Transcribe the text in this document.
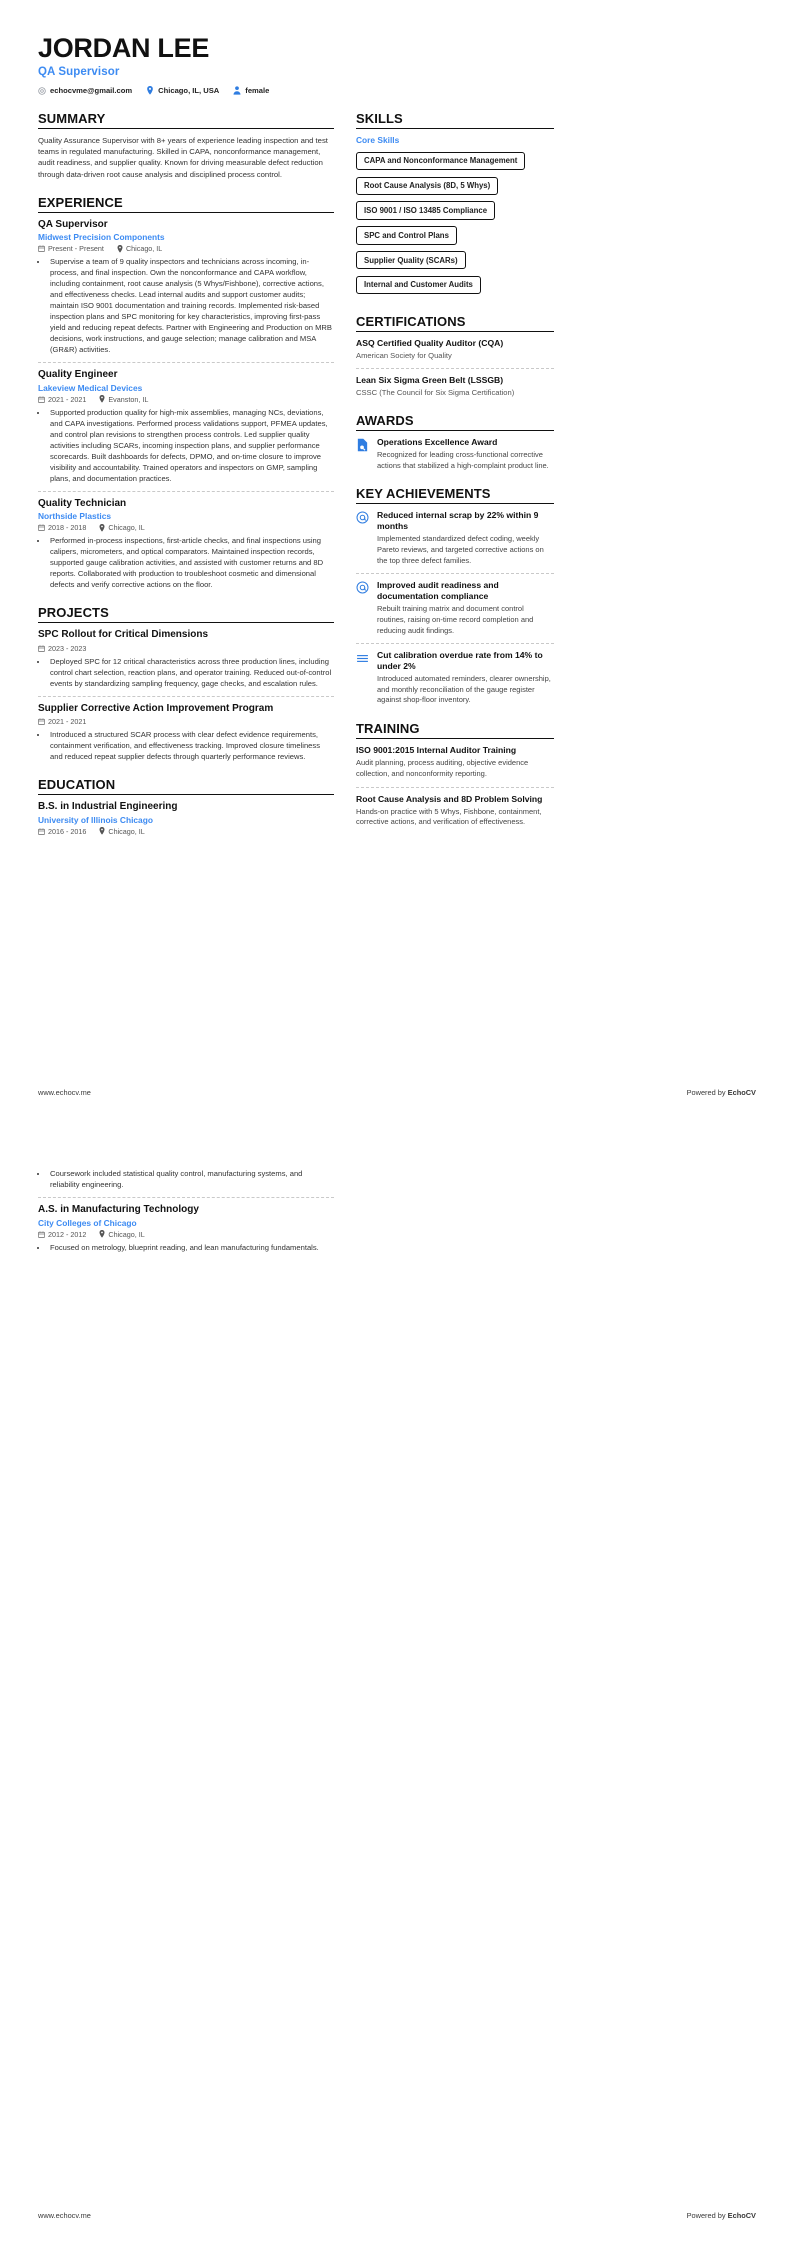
JORDAN LEE
QA Supervisor
echocvme@gmail.com	Chicago, IL, USA	female
SUMMARY
Quality Assurance Supervisor with 8+ years of experience leading inspection and test teams in regulated manufacturing. Skilled in CAPA, nonconformance management, audit readiness, and supplier quality. Known for driving measurable defect reduction through data-driven root cause analysis and disciplined process control.
EXPERIENCE
QA Supervisor
Midwest Precision Components
Present - Present	Chicago, IL
• Supervise a team of 9 quality inspectors and technicians across incoming, in-process, and final inspection. Own the nonconformance and CAPA workflow, including containment, root cause analysis (5 Whys/Fishbone), corrective actions, and effectiveness checks. Lead internal audits and support customer audits; maintain ISO 9001 documentation and training records. Implemented risk-based inspection plans and SPC monitoring for key characteristics, improving first-pass yield and reducing repeat defects. Partner with Engineering and Production on MRB decisions, work instructions, and gauge selection; manage calibration and MSA (GR&R) activities.
Quality Engineer
Lakeview Medical Devices
2021 - 2021	Evanston, IL
• Supported production quality for high-mix assemblies, managing NCs, deviations, and CAPA investigations. Performed process validations support, PFMEA updates, and control plan revisions to strengthen process controls. Led supplier quality activities including SCARs, incoming inspection plans, and supplier performance scorecards. Built dashboards for defects, DPMO, and on-time closure to improve visibility and accountability. Trained operators and inspectors on GMP, sampling plans, and documentation practices.
Quality Technician
Northside Plastics
2018 - 2018	Chicago, IL
• Performed in-process inspections, first-article checks, and final inspections using calipers, micrometers, and optical comparators. Maintained inspection records, supported gauge calibration activities, and assisted with customer returns and 8D reports. Collaborated with production to troubleshoot cosmetic and dimensional defects and verify corrective actions on the floor.
PROJECTS
SPC Rollout for Critical Dimensions
2023 - 2023
• Deployed SPC for 12 critical characteristics across three production lines, including control chart selection, reaction plans, and operator training. Reduced out-of-control events by standardizing sampling frequency, gage checks, and escalation rules.
Supplier Corrective Action Improvement Program
2021 - 2021
• Introduced a structured SCAR process with clear defect evidence requirements, containment verification, and effectiveness tracking. Improved closure timeliness and reduced repeat supplier defects through quarterly performance reviews.
EDUCATION
B.S. in Industrial Engineering
University of Illinois Chicago
2016 - 2016	Chicago, IL
SKILLS
Core Skills
CAPA and Nonconformance Management Root Cause Analysis (8D, 5 Whys) ISO 9001 / ISO 13485 Compliance SPC and Control Plans Supplier Quality (SCARs) Internal and Customer Audits
CERTIFICATIONS
ASQ Certified Quality Auditor (CQA)
American Society for Quality
Lean Six Sigma Green Belt (LSSGB)
CSSC (The Council for Six Sigma Certification)
AWARDS
Operations Excellence Award
Recognized for leading cross-functional corrective actions that stabilized a high-complaint product line.
KEY ACHIEVEMENTS
Reduced internal scrap by 22% within 9 months
Implemented standardized defect coding, weekly Pareto reviews, and targeted corrective actions on the top three defect families.
Improved audit readiness and documentation compliance
Rebuilt training matrix and document control routines, raising on-time record completion and reducing audit findings.
Cut calibration overdue rate from 14% to under 2%
Introduced automated reminders, clearer ownership, and monthly reconciliation of the gauge register against shop-floor inventory.
TRAINING
ISO 9001:2015 Internal Auditor Training
Audit planning, process auditing, objective evidence collection, and nonconformity reporting.
Root Cause Analysis and 8D Problem Solving
Hands-on practice with 5 Whys, Fishbone, containment, corrective actions, and verification of effectiveness.
www.echocv.me	Powered by EchoCV
• Coursework included statistical quality control, manufacturing systems, and reliability engineering.
A.S. in Manufacturing Technology
City Colleges of Chicago
2012 - 2012	Chicago, IL
• Focused on metrology, blueprint reading, and lean manufacturing fundamentals.
www.echocv.me	Powered by EchoCV
